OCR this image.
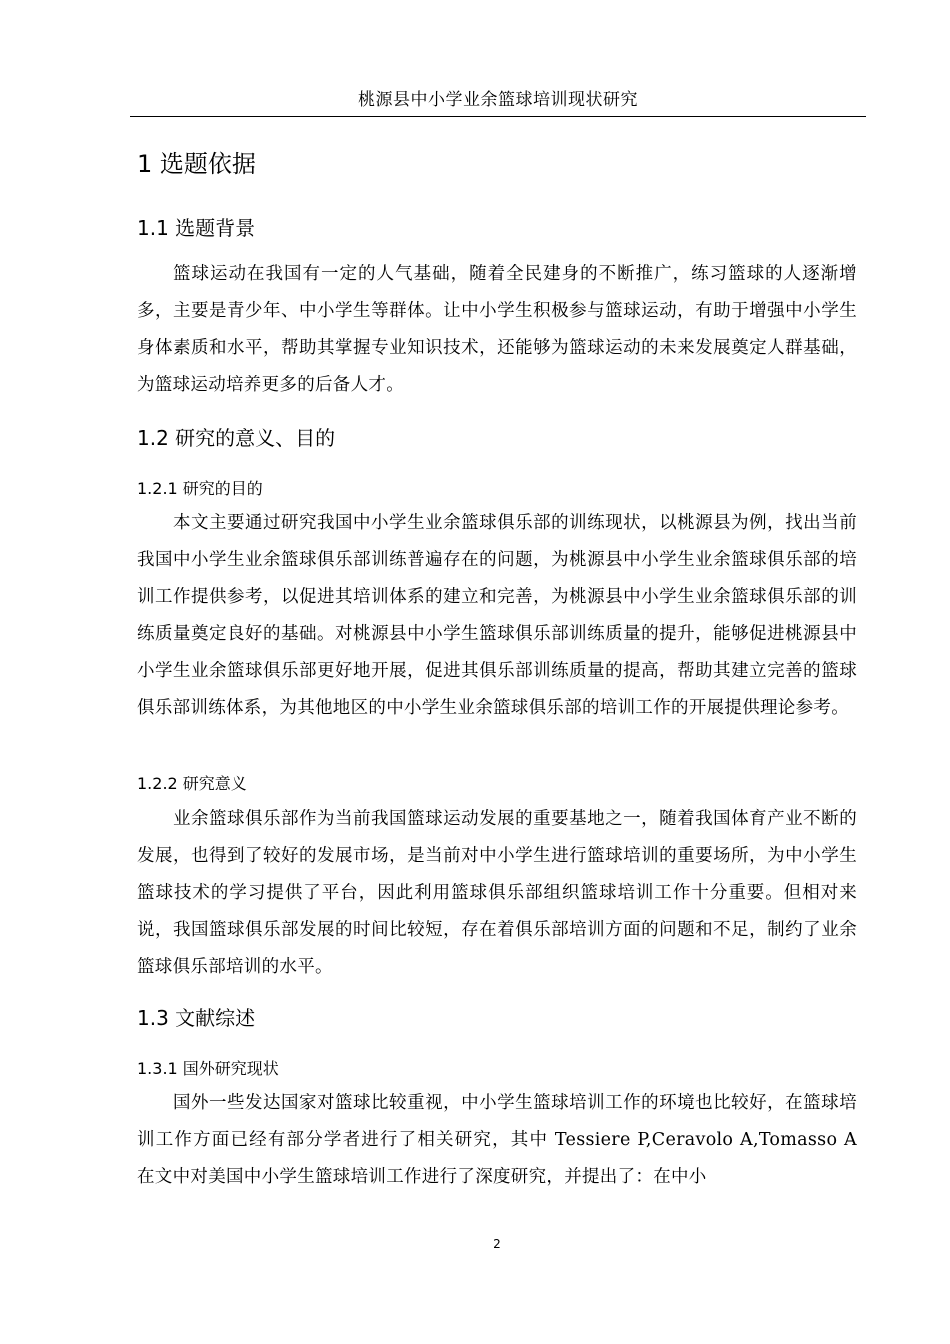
桃源县中小学业余篮球培训现状研究
1 选题依据
1.1 选题背景
篮球运动在我国有一定的人气基础，随着全民建身的不断推广，练习篮球的人逐渐增多，主要是青少年、中小学生等群体。让中小学生积极参与篮球运动，有助于增强中小学生身体素质和水平，帮助其掌握专业知识技术，还能够为篮球运动的未来发展奠定人群基础，为篮球运动培养更多的后备人才。
1.2 研究的意义、目的
1.2.1 研究的目的
本文主要通过研究我国中小学生业余篮球俱乐部的训练现状，以桃源县为例，找出当前我国中小学生业余篮球俱乐部训练普遍存在的问题，为桃源县中小学生业余篮球俱乐部的培训工作提供参考，以促进其培训体系的建立和完善，为桃源县中小学生业余篮球俱乐部的训练质量奠定良好的基础。对桃源县中小学生篮球俱乐部训练质量的提升，能够促进桃源县中小学生业余篮球俱乐部更好地开展，促进其俱乐部训练质量的提高，帮助其建立完善的篮球俱乐部训练体系，为其他地区的中小学生业余篮球俱乐部的培训工作的开展提供理论参考。
1.2.2 研究意义
业余篮球俱乐部作为当前我国篮球运动发展的重要基地之一，随着我国体育产业不断的发展，也得到了较好的发展市场，是当前对中小学生进行篮球培训的重要场所，为中小学生篮球技术的学习提供了平台，因此利用篮球俱乐部组织篮球培训工作十分重要。但相对来说，我国篮球俱乐部发展的时间比较短，存在着俱乐部培训方面的问题和不足，制约了业余篮球俱乐部培训的水平。
1.3 文献综述
1.3.1 国外研究现状
国外一些发达国家对篮球比较重视，中小学生篮球培训工作的环境也比较好，在篮球培训工作方面已经有部分学者进行了相关研究，其中 Tessiere P,Ceravolo A,Tomasso A 在文中对美国中小学生篮球培训工作进行了深度研究，并提出了：在中小
2
